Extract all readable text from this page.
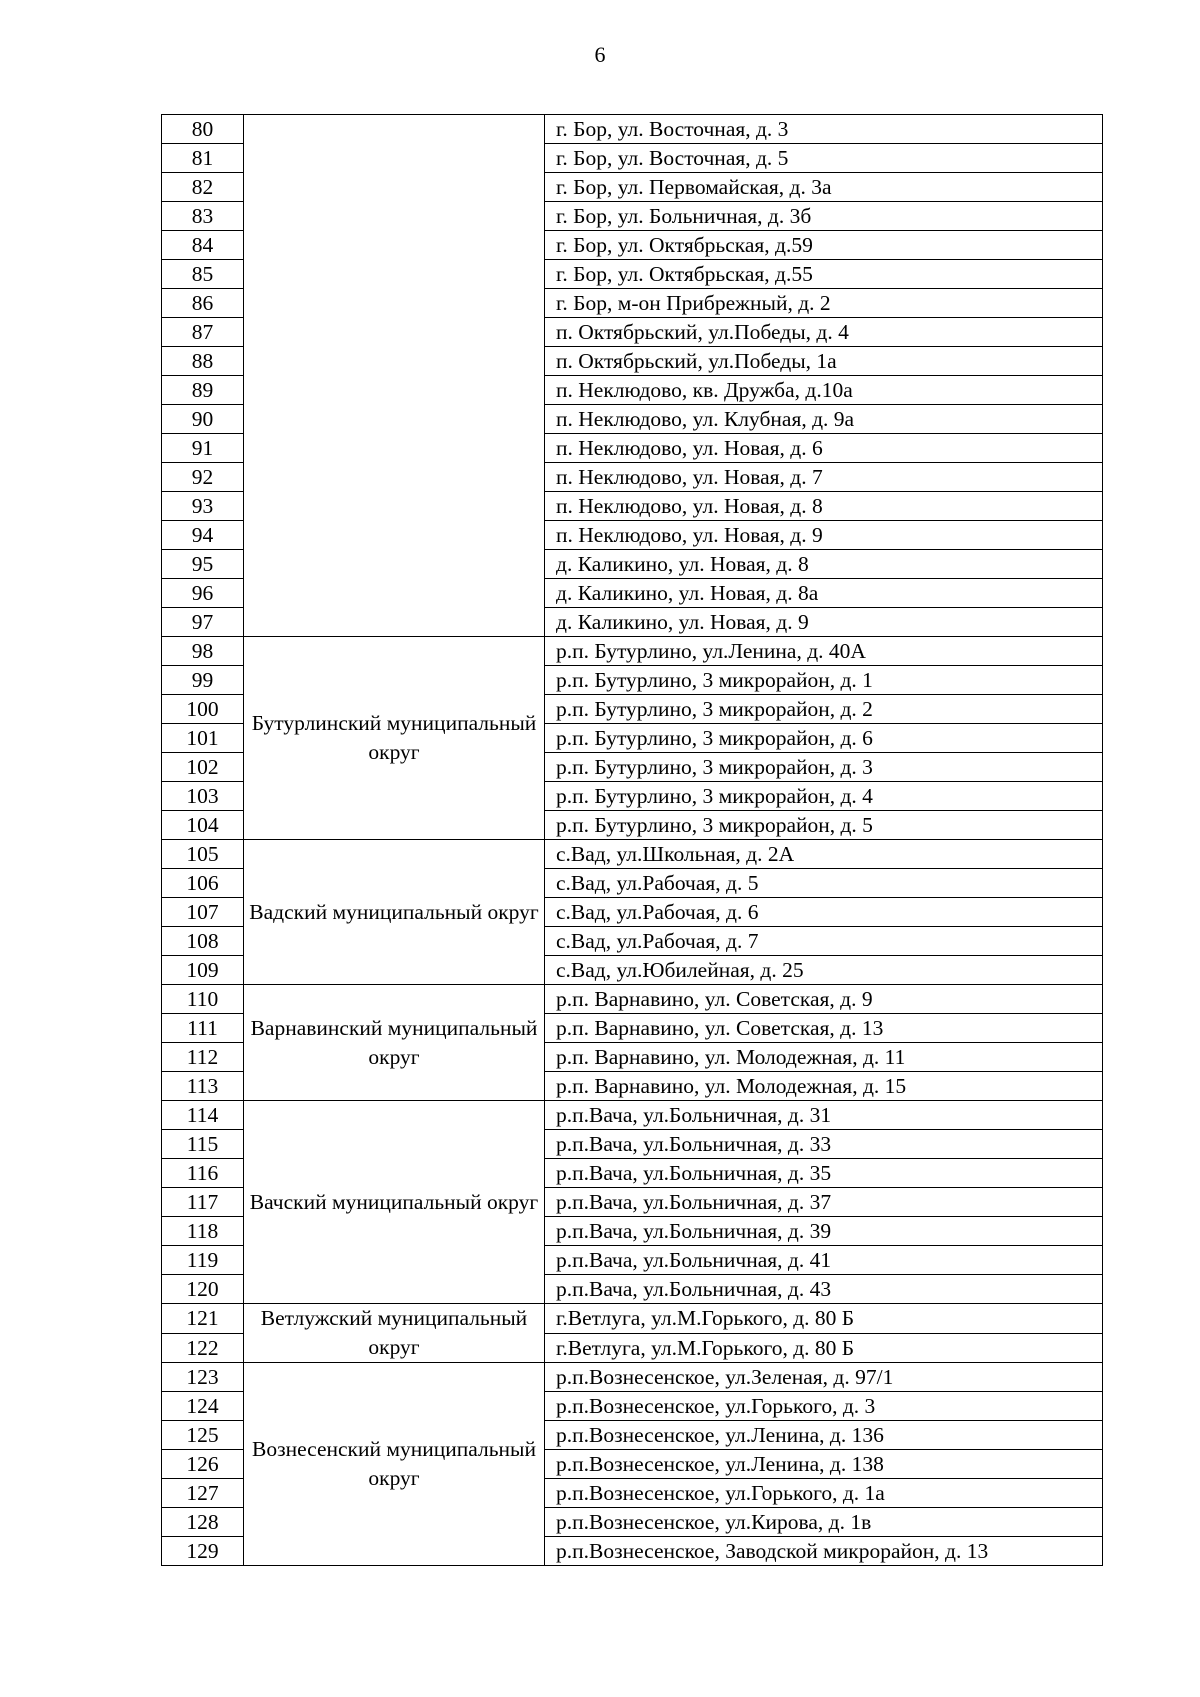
6
80		г. Бор, ул. Восточная, д. 3
81		г. Бор, ул. Восточная, д. 5
82		г. Бор, ул. Первомайская, д. 3а
83		г. Бор, ул. Больничная, д. 3б
84		г. Бор, ул. Октябрьская, д.59
85		г. Бор, ул. Октябрьская, д.55
86		г. Бор, м-он Прибрежный, д. 2
87		п. Октябрьский, ул.Победы, д. 4
88		п. Октябрьский, ул.Победы, 1а
89		п. Неклюдово, кв. Дружба, д.10а
90		п. Неклюдово, ул. Клубная, д. 9а
91		п. Неклюдово, ул. Новая, д. 6
92		п. Неклюдово, ул. Новая, д. 7
93		п. Неклюдово, ул. Новая, д. 8
94		п. Неклюдово, ул. Новая, д. 9
95		д. Каликино, ул. Новая, д. 8
96		д. Каликино, ул. Новая, д. 8а
97		д. Каликино, ул. Новая, д. 9
98	Бутурлинский муниципальный округ	р.п. Бутурлино, ул.Ленина, д. 40А
99		р.п. Бутурлино, 3 микрорайон, д. 1
100		р.п. Бутурлино, 3 микрорайон, д. 2
101		р.п. Бутурлино, 3 микрорайон, д. 6
102		р.п. Бутурлино, 3 микрорайон, д. 3
103		р.п. Бутурлино, 3 микрорайон, д. 4
104		р.п. Бутурлино, 3 микрорайон, д. 5
105	Вадский муниципальный округ	с.Вад, ул.Школьная, д. 2А
106		с.Вад, ул.Рабочая, д. 5
107		с.Вад, ул.Рабочая, д. 6
108		с.Вад, ул.Рабочая, д. 7
109		с.Вад, ул.Юбилейная, д. 25
110	Варнавинский муниципальный округ	р.п. Варнавино, ул. Советская, д. 9
111		р.п. Варнавино, ул. Советская, д. 13
112		р.п. Варнавино, ул. Молодежная, д. 11
113		р.п. Варнавино, ул. Молодежная, д. 15
114	Вачский муниципальный округ	р.п.Вача, ул.Больничная, д. 31
115		р.п.Вача, ул.Больничная, д. 33
116		р.п.Вача, ул.Больничная, д. 35
117		р.п.Вача, ул.Больничная, д. 37
118		р.п.Вача, ул.Больничная, д. 39
119		р.п.Вача, ул.Больничная, д. 41
120		р.п.Вача, ул.Больничная, д. 43
121	Ветлужский муниципальный округ	г.Ветлуга, ул.М.Горького, д. 80 Б
122		г.Ветлуга, ул.М.Горького, д. 80 Б
123	Вознесенский муниципальный округ	р.п.Вознесенское, ул.Зеленая, д. 97/1
124		р.п.Вознесенское, ул.Горького, д. 3
125		р.п.Вознесенское, ул.Ленина, д. 136
126		р.п.Вознесенское, ул.Ленина, д. 138
127		р.п.Вознесенское, ул.Горького, д. 1а
128		р.п.Вознесенское, ул.Кирова, д. 1в
129		р.п.Вознесенское, Заводской микрорайон, д. 13
